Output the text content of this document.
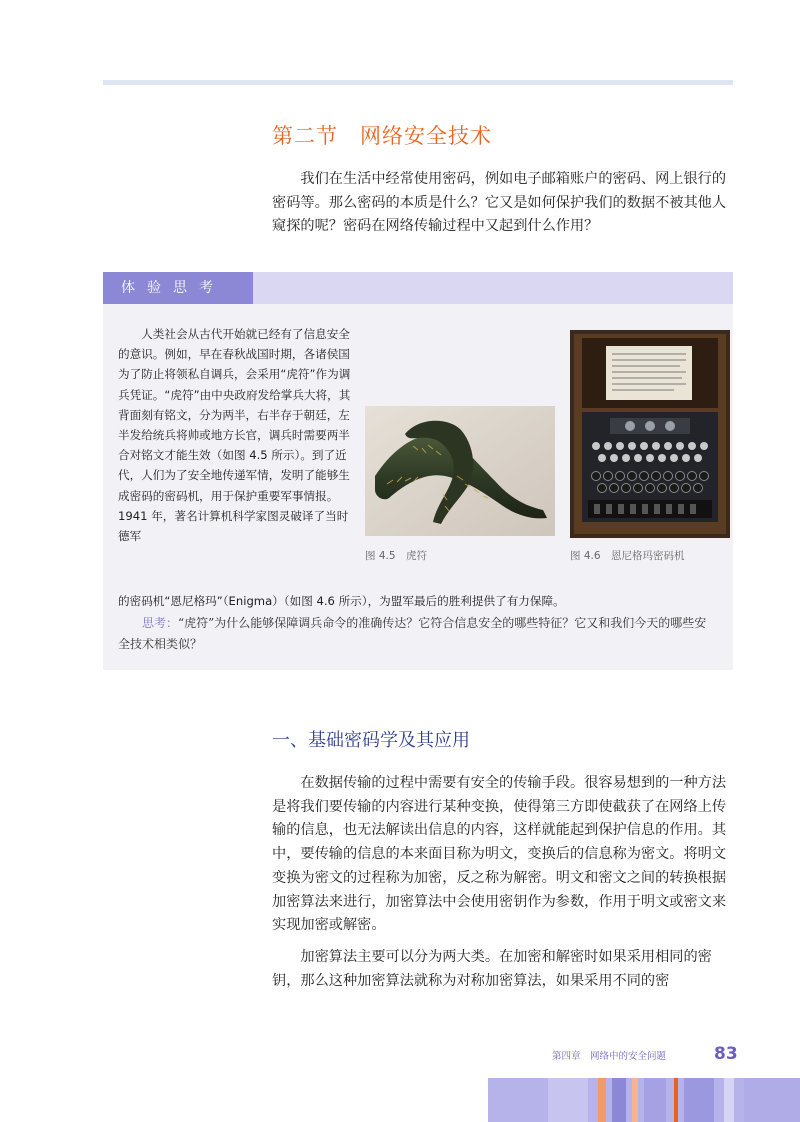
第二节　网络安全技术

我们在生活中经常使用密码，例如电子邮箱账户的密码、网上银行的密码等。那么密码的本质是什么？它又是如何保护我们的数据不被其他人窥探的呢？密码在网络传输过程中又起到什么作用？

体验思考

人类社会从古代开始就已经有了信息安全的意识。例如，早在春秋战国时期，各诸侯国为了防止将领私自调兵，会采用“虎符”作为调兵凭证。“虎符”由中央政府发给掌兵大将，其背面刻有铭文，分为两半，右半存于朝廷，左半发给统兵将帅或地方长官，调兵时需要两半合对铭文才能生效（如图 4.5 所示）。到了近代，人们为了安全地传递军情，发明了能够生成密码的密码机，用于保护重要军事情报。1941 年，著名计算机科学家图灵破译了当时德军

图 4.5　虎符	图 4.6　恩尼格玛密码机

的密码机“恩尼格玛”（Enigma）（如图 4.6 所示），为盟军最后的胜利提供了有力保障。

思考：“虎符”为什么能够保障调兵命令的准确传达？它符合信息安全的哪些特征？它又和我们今天的哪些安全技术相类似？

一、基础密码学及其应用

在数据传输的过程中需要有安全的传输手段。很容易想到的一种方法是将我们要传输的内容进行某种变换，使得第三方即使截获了在网络上传输的信息，也无法解读出信息的内容，这样就能起到保护信息的作用。其中，要传输的信息的本来面目称为明文，变换后的信息称为密文。将明文变换为密文的过程称为加密，反之称为解密。明文和密文之间的转换根据加密算法来进行，加密算法中会使用密钥作为参数，作用于明文或密文来实现加密或解密。

加密算法主要可以分为两大类。在加密和解密时如果采用相同的密钥，那么这种加密算法就称为对称加密算法，如果采用不同的密

第四章　网络中的安全问题	83
